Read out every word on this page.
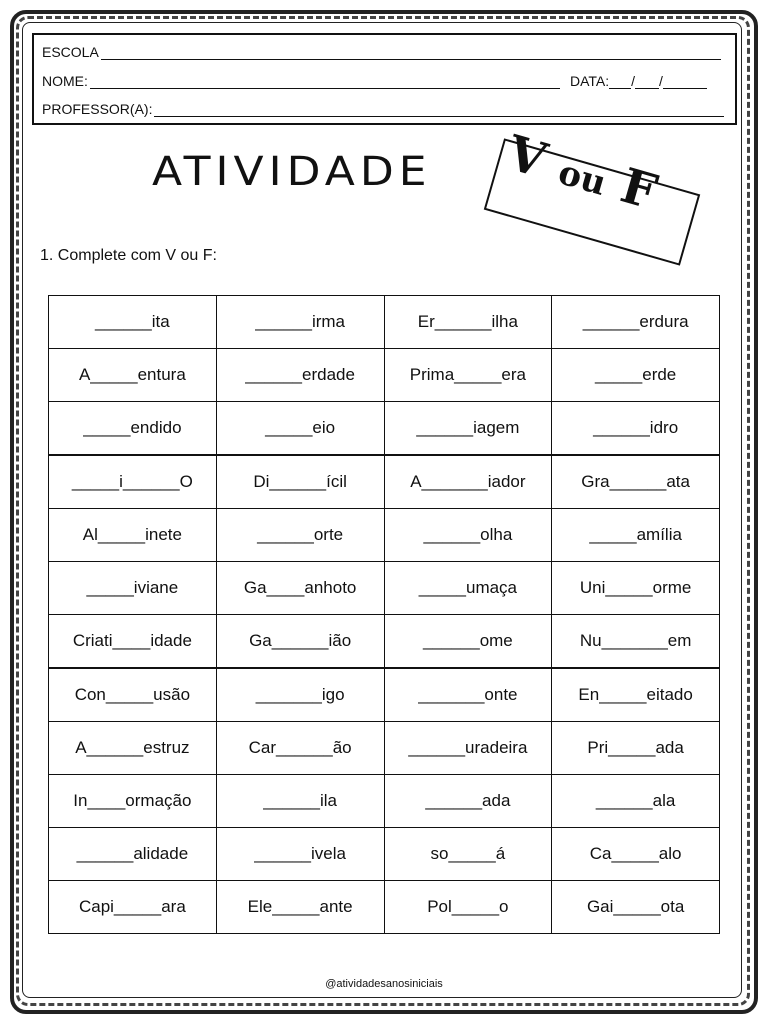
ESCOLA
NOME:	DATA: / /
PROFESSOR(A):
ATIVIDADE V ou F
1. Complete com V ou F:
______ita	______irma	Er______ilha	______erdura
A_____entura	______erdade	Prima_____era	_____erde
_____endido	_____eio	______iagem	______idro
_____i______O	Di______ícil	A_______iador	Gra______ata
Al_____inete	______orte	______olha	_____amília
_____iviane	Ga____anhoto	_____umaça	Uni_____orme
Criati____idade	Ga______ião	______ome	Nu_______em
Con_____usão	_______igo	_______onte	En_____eitado
A______estruz	Car______ão	______uradeira	Pri_____ada
In____ormação	______ila	______ada	______ala
______alidade	______ivela	so_____á	Ca_____alo
Capi_____ara	Ele_____ante	Pol_____o	Gai_____ota
@atividadesanosiniciais
